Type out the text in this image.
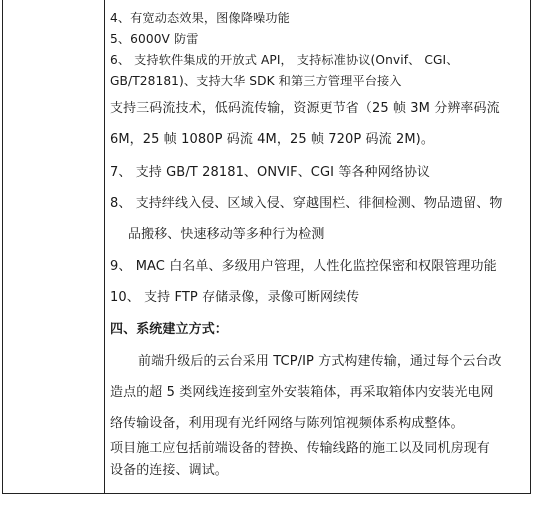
4、有宽动态效果，图像降噪功能
5、6000V 防雷
6、 支持软件集成的开放式 API， 支持标准协议(Onvif、 CGI、
GB/T28181)、支持大华 SDK 和第三方管理平台接入
支持三码流技术，低码流传输，资源更节省（25 帧 3M 分辨率码流
6M，25 帧 1080P 码流 4M，25 帧 720P 码流 2M)。
7、 支持 GB/T 28181、ONVIF、CGI 等各种网络协议
8、 支持绊线入侵、区域入侵、穿越围栏、徘徊检测、物品遗留、物
品搬移、快速移动等多种行为检测
9、 MAC 白名单、多级用户管理，人性化监控保密和权限管理功能
10、 支持 FTP 存储录像，录像可断网续传
四、系统建立方式：
前端升级后的云台采用 TCP/IP 方式构建传输，通过每个云台改
造点的超 5 类网线连接到室外安装箱体，再采取箱体内安装光电网
络传输设备，利用现有光纤网络与陈列馆视频体系构成整体。
项目施工应包括前端设备的替换、传输线路的施工以及同机房现有
设备的连接、调试。
